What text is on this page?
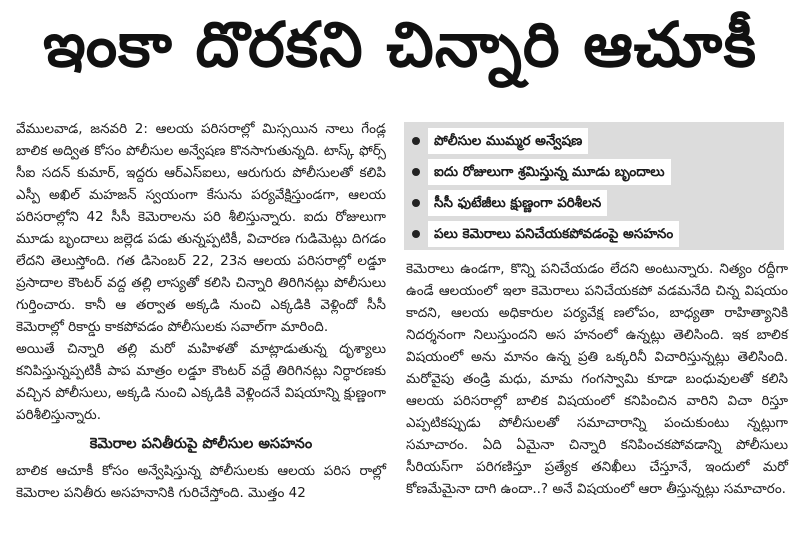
ఇంకా దొరకని చిన్నారి ఆచూకీ

వేములవాడ, జనవరి 2: ఆలయ పరిసరాల్లో మిస్సయిన నాలు గేండ్ల బాలిక అద్విత కోసం పోలీసుల అన్వేషణ కొనసాగుతున్నది. టాస్క్ ఫోర్స్ సీఐ సదన్ కుమార్, ఇద్దరు ఆర్ఎస్ఐలు, ఆరుగురు పోలీసులతో కలిపి ఎస్పీ అఖిల్ మహజన్ స్వయంగా కేసును పర్యవేక్షిస్తుండగా, ఆలయ పరిసరాల్లోని 42 సీసీ కెమెరాలను పరి శీలిస్తున్నారు. ఐదు రోజులుగా మూడు బృందాలు జల్లెడ పడు తున్నప్పటికీ, విచారణ గుడిమెట్లు దిగడం లేదని తెలుస్తోంది. గత డిసెంబర్ 22, 23న ఆలయ పరిసరాల్లో లడ్డూ ప్రసాదాల కౌంటర్ వద్ద తల్లి లాస్యతో కలిసి చిన్నారి తిరిగినట్లు పోలీసులు గుర్తించారు. కానీ ఆ తర్వాత అక్కడి నుంచి ఎక్కడికి వెళ్లిందో సీసీ కెమెరాల్లో రికార్డు కాకపోవడం పోలీసులకు సవాల్‌గా మారింది.

అయితే చిన్నారి తల్లి మరో మహిళతో మాట్లాడుతున్న దృశ్యాలు కనిపిస్తున్నప్పటికీ పాప మాత్రం లడ్డూ కౌంటర్ వద్దే తిరిగినట్లు నిర్ధారణకు వచ్చిన పోలీసులు, అక్కడి నుంచి ఎక్కడికి వెళ్లిందనే విషయాన్ని క్షుణ్ణంగా పరిశీలిస్తున్నారు.

కెమెరాల పనితీరుపై పోలీసుల అసహనం

బాలిక ఆచూకీ కోసం అన్వేషిస్తున్న పోలీసులకు ఆలయ పరిస రాల్లో కెమెరాల పనితీరు అసహనానికి గురిచేస్తోంది. మొత్తం 42

పోలీసుల ముమ్మర అన్వేషణ
ఐదు రోజులుగా శ్రమిస్తున్న మూడు బృందాలు
సీసీ ఫుటేజీలు క్షుణ్ణంగా పరిశీలన
పలు కెమెరాలు పనిచేయకపోవడంపై అసహనం

కెమెరాలు ఉండగా, కొన్ని పనిచేయడం లేదని అంటున్నారు. నిత్యం రద్దీగా ఉండే ఆలయంలో ఇలా కెమెరాలు పనిచేయకపో వడమనేది చిన్న విషయం కాదని, ఆలయ అధికారుల పర్యవేక్ష ణలోపం, బాధ్యతా రాహిత్యానికి నిదర్శనంగా నిలుస్తుందని అస హనంలో ఉన్నట్లు తెలిసింది. ఇక బాలిక విషయంలో అను మానం ఉన్న ప్రతి ఒక్కరినీ విచారిస్తున్నట్లు తెలిసింది. మరోవైపు తండ్రి మధు, మామ గంగస్వామి కూడా బంధువులతో కలిసి ఆలయ పరిసరాల్లో బాలిక విషయంలో కనిపించిన వారిని విచా రిస్తూ ఎప్పటికప్పుడు పోలీసులతో సమాచారాన్ని పంచుకుంటు న్నట్లుగా సమాచారం. ఏది ఏమైనా చిన్నారి కనిపించకపోవడాన్ని పోలీసులు సీరియస్‌గా పరిగణిస్తూ ప్రత్యేక తనిఖీలు చేస్తూనే, ఇందులో మరో కోణమేమైనా దాగి ఉందా..? అనే విషయంలో ఆరా తీస్తున్నట్లు సమాచారం.
